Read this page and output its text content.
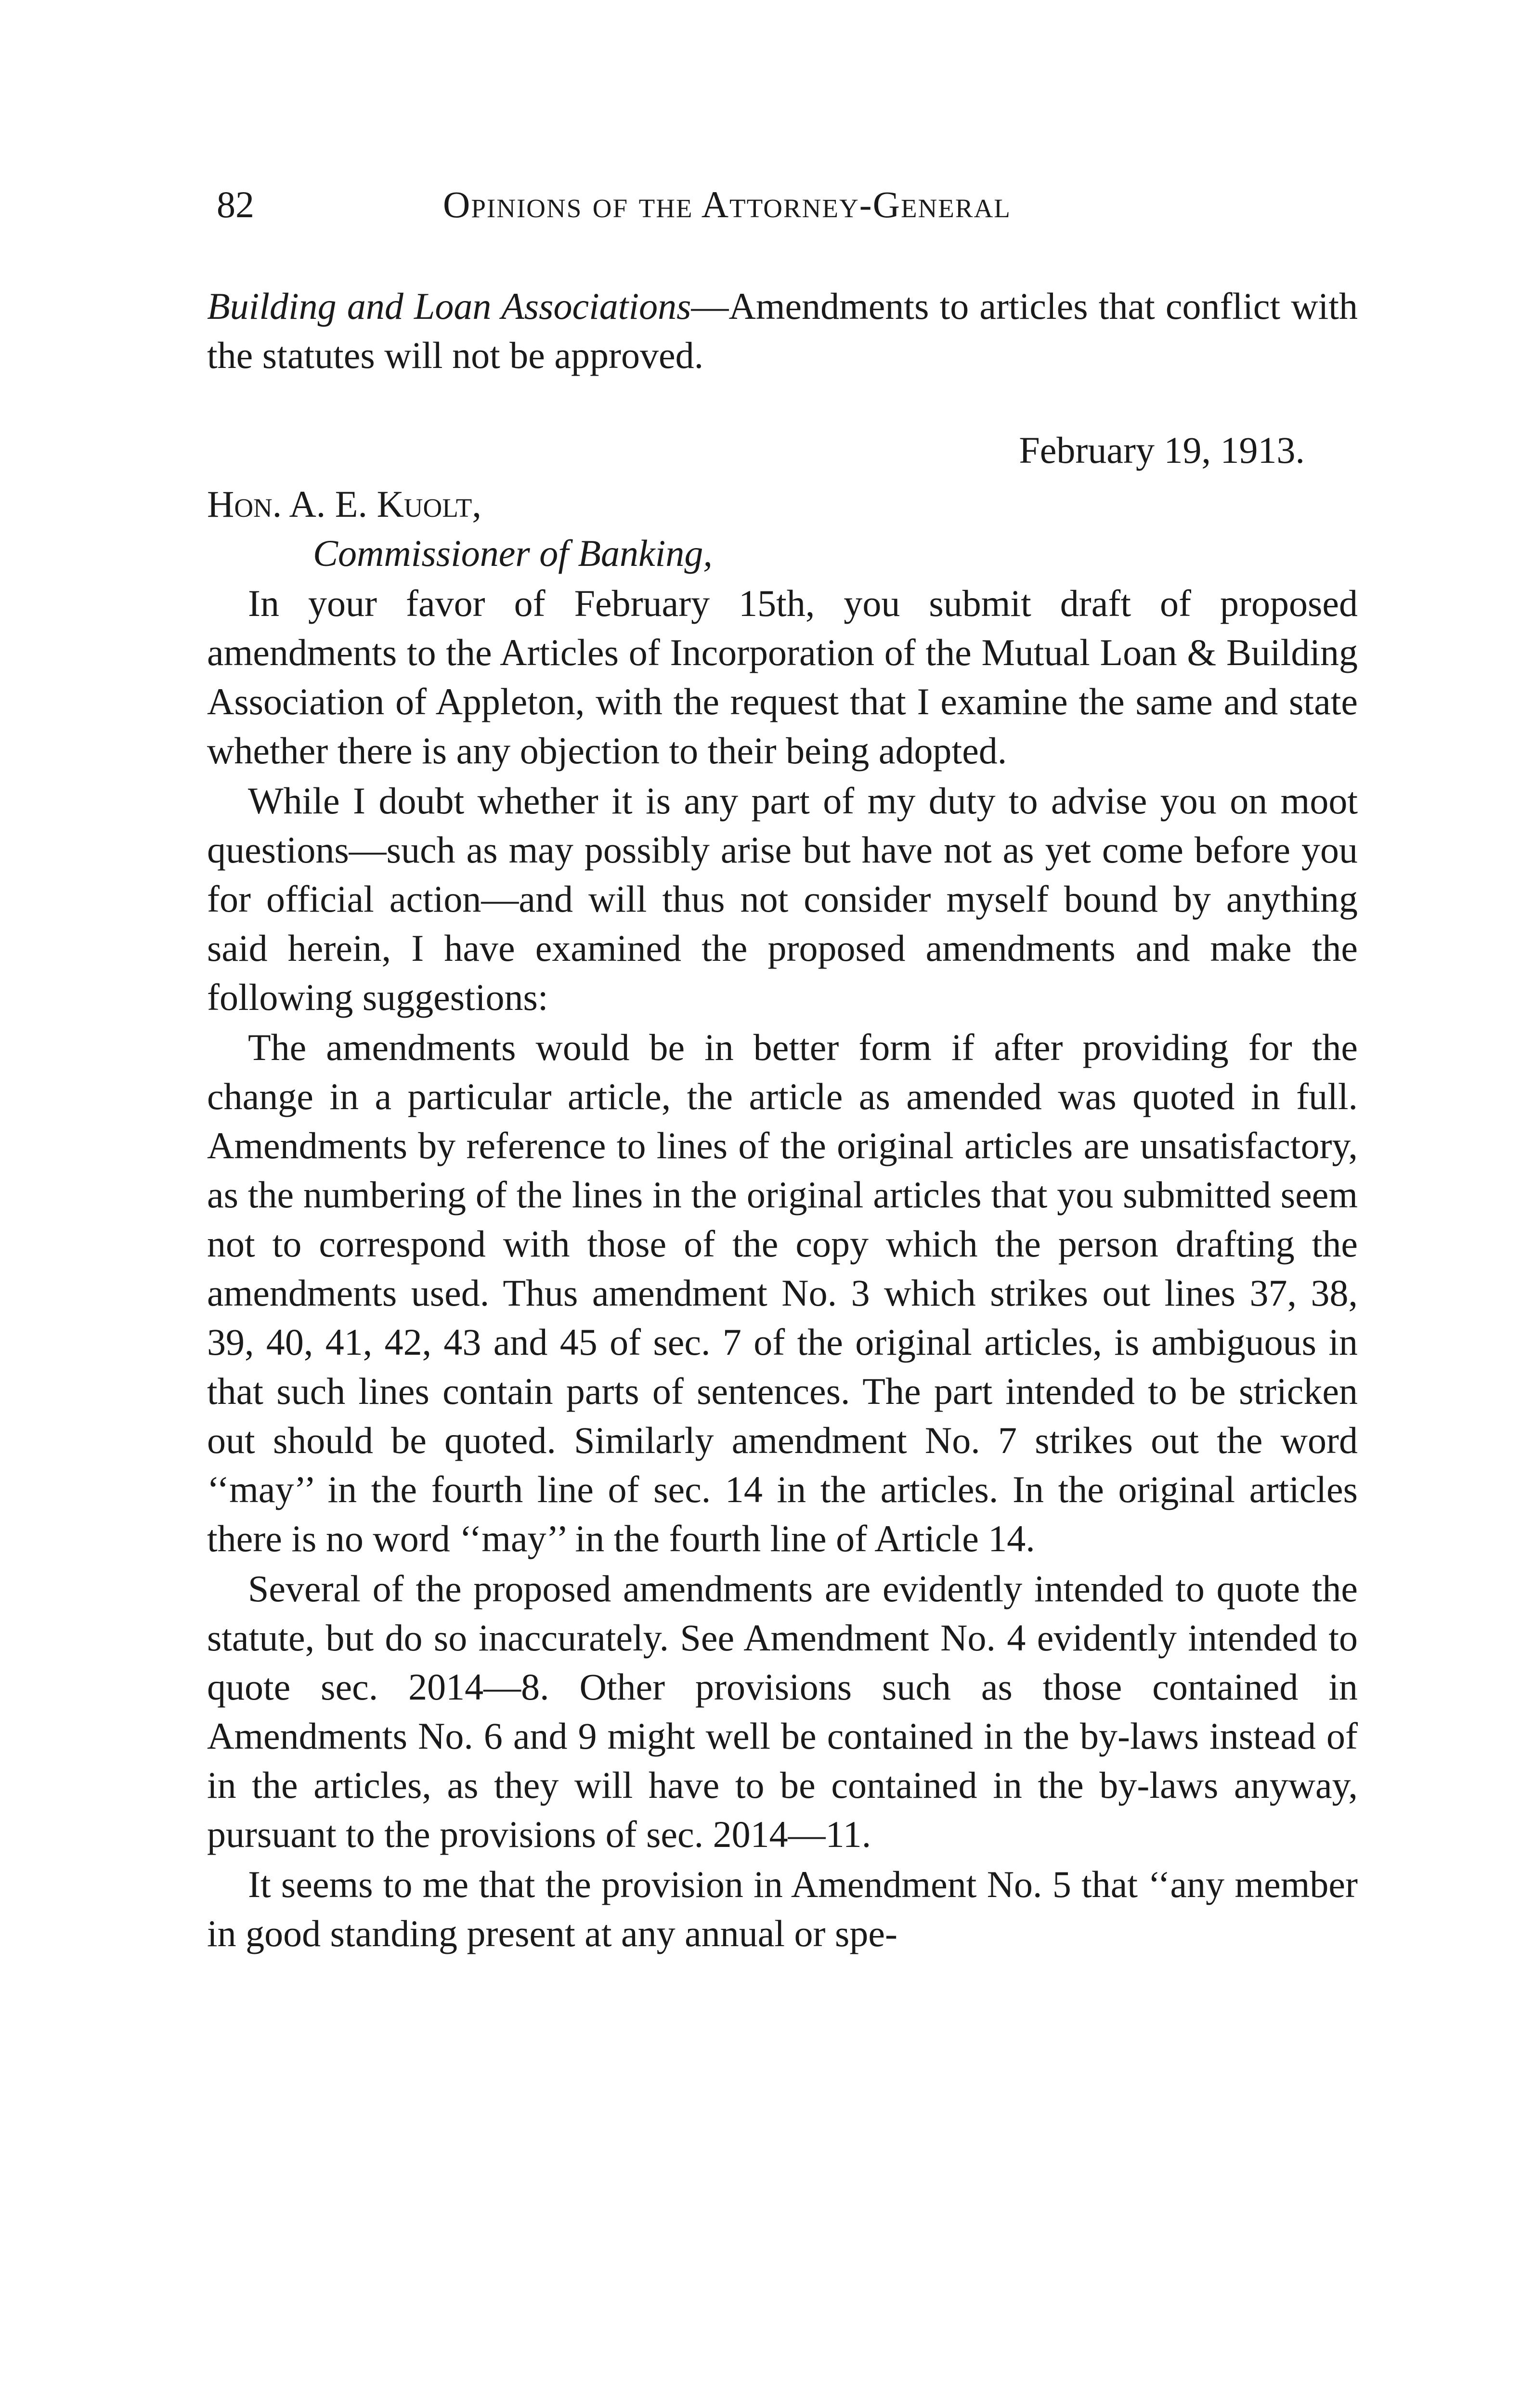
82	Opinions of the Attorney-General

Building and Loan Associations—Amendments to articles that conflict with the statutes will not be approved.

February 19, 1913.

Hon. A. E. Kuolt,

Commissioner of Banking,

In your favor of February 15th, you submit draft of proposed amendments to the Articles of Incorporation of the Mutual Loan & Building Association of Appleton, with the request that I examine the same and state whether there is any objection to their being adopted.

While I doubt whether it is any part of my duty to advise you on moot questions—such as may possibly arise but have not as yet come before you for official action—and will thus not consider myself bound by anything said herein, I have examined the proposed amendments and make the following suggestions:

The amendments would be in better form if after providing for the change in a particular article, the article as amended was quoted in full. Amendments by reference to lines of the original articles are unsatisfactory, as the numbering of the lines in the original articles that you submitted seem not to correspond with those of the copy which the person drafting the amendments used. Thus amendment No. 3 which strikes out lines 37, 38, 39, 40, 41, 42, 43 and 45 of sec. 7 of the original articles, is ambiguous in that such lines contain parts of sentences. The part intended to be stricken out should be quoted. Similarly amendment No. 7 strikes out the word ‘‘may’’ in the fourth line of sec. 14 in the articles. In the original articles there is no word ‘‘may’’ in the fourth line of Article 14.

Several of the proposed amendments are evidently intended to quote the statute, but do so inaccurately. See Amendment No. 4 evidently intended to quote sec. 2014—8. Other provisions such as those contained in Amendments No. 6 and 9 might well be contained in the by-laws instead of in the articles, as they will have to be contained in the by-laws anyway, pursuant to the provisions of sec. 2014—11.

It seems to me that the provision in Amendment No. 5 that ‘‘any member in good standing present at any annual or spe-
